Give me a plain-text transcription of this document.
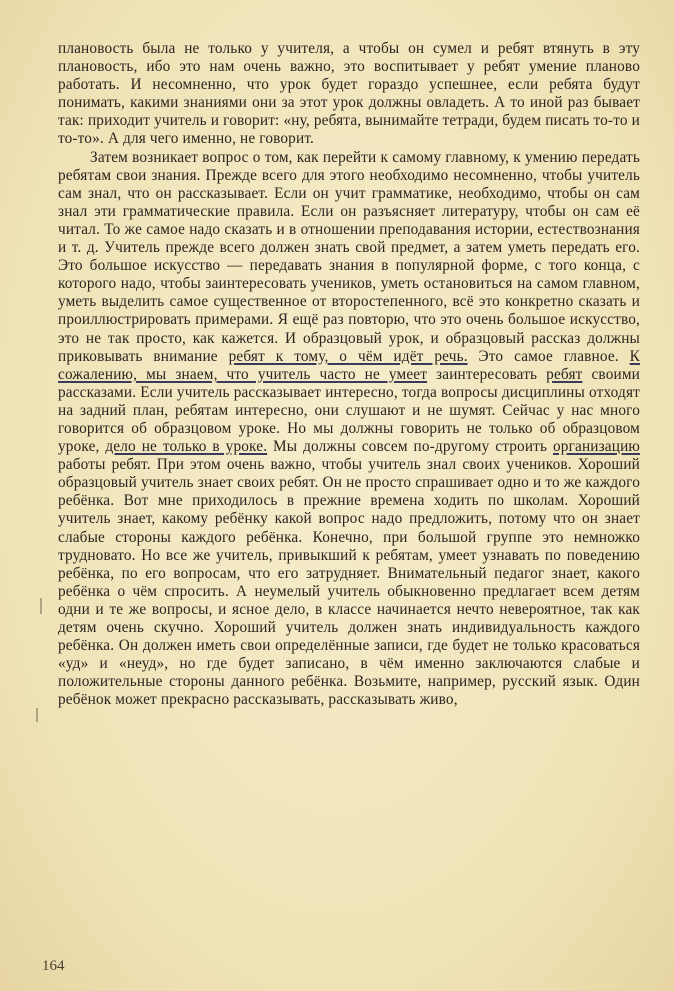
плановость была не только у учителя, а чтобы он сумел и ребят втянуть в эту плановость, ибо это нам очень важно, это воспитывает у ребят умение планово работать. И несомненно, что урок будет гораздо успешнее, если ребята будут понимать, какими знаниями они за этот урок должны овладеть. А то иной раз бывает так: приходит учитель и говорит: «ну, ребята, вынимайте тетради, будем писать то-то и то-то». А для чего именно, не говорит.

Затем возникает вопрос о том, как перейти к самому главному, к умению передать ребятам свои знания. Прежде всего для этого необходимо несомненно, чтобы учитель сам знал, что он рассказывает. Если он учит грамматике, необходимо, чтобы он сам знал эти грамматические правила. Если он разъясняет литературу, чтобы он сам её читал. То же самое надо сказать и в отношении преподавания истории, естествознания и т. д. Учитель прежде всего должен знать свой предмет, а затем уметь передать его. Это большое искусство — передавать знания в популярной форме, с того конца, с которого надо, чтобы заинтересовать учеников, уметь остановиться на самом главном, уметь выделить самое существенное от второстепенного, всё это конкретно сказать и проиллюстрировать примерами. Я ещё раз повторю, что это очень большое искусство, это не так просто, как кажется. И образцовый урок, и образцовый рассказ должны приковывать внимание ребят к тому, о чём идёт речь. Это самое главное. К сожалению, мы знаем, что учитель часто не умеет заинтересовать ребят своими рассказами. Если учитель рассказывает интересно, тогда вопросы дисциплины отходят на задний план, ребятам интересно, они слушают и не шумят. Сейчас у нас много говорится об образцовом уроке. Но мы должны говорить не только об образцовом уроке, дело не только в уроке. Мы должны совсем по-другому строить организацию работы ребят. При этом очень важно, чтобы учитель знал своих учеников. Хороший образцовый учитель знает своих ребят. Он не просто спрашивает одно и то же каждого ребёнка. Вот мне приходилось в прежние времена ходить по школам. Хороший учитель знает, какому ребёнку какой вопрос надо предложить, потому что он знает слабые стороны каждого ребёнка. Конечно, при большой группе это немножко трудновато. Но все же учитель, привыкший к ребятам, умеет узнавать по поведению ребёнка, по его вопросам, что его затрудняет. Внимательный педагог знает, какого ребёнка о чём спросить. А неумелый учитель обыкновенно предлагает всем детям одни и те же вопросы, и ясное дело, в классе начинается нечто невероятное, так как детям очень скучно. Хороший учитель должен знать индивидуальность каждого ребёнка. Он должен иметь свои определённые записи, где будет не только красоваться «уд» и «неуд», но где будет записано, в чём именно заключаются слабые и положительные стороны данного ребёнка. Возьмите, например, русский язык. Один ребёнок может прекрасно рассказывать, рассказывать живо,

164
